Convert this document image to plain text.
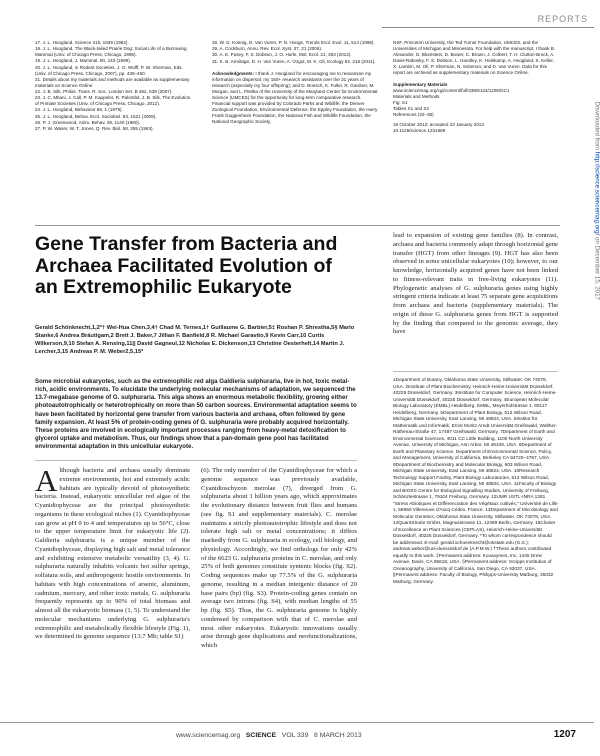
REPORTS
17. J. L. Hoogland, Science 215, 1639 (1982).
18. J. L. Hoogland, The Black-tailed Prairie Dog: Social Life of a Burrowing Mammal (Univ. of Chicago Press, Chicago, 1995).
19. J. L. Hoogland, J. Mammal. 80, 243 (1999).
20. J. L. Hoogland, in Rodent Societies, J. O. Wolff, P. W. Sherman, Eds. (Univ. of Chicago Press, Chicago, 2007), pp. 438–450.
21. Details about my materials and methods are available as supplementary materials on Science Online.
22. J. B. Silk, Philos. Trans. R. Soc. London Ser. B 362, 539 (2007).
23. J. C. Mitani, J. Call, P. M. Kappeler, R. Palombit, J. B. Silk, The Evolution of Primate Societies (Univ. of Chicago Press, Chicago, 2012).
24. J. L. Hoogland, Behaviour 69, 1 (1979).
25. J. L. Hoogland, Behav. Ecol. Sociobiol. 63, 1621 (2009).
26. P. J. Greenwood, Anim. Behav. 28, 1140 (1980).
27. P. W. Waser, W. T. Jones, Q. Rev. Biol. 58, 355 (1983).
28. W. D. Koenig, D. Van Vuren, P. N. Hooge, Trends Ecol. Evol. 11, 514 (1996).
29. A. Cockburn, Annu. Rev. Ecol. Syst. 37, 21 (2006).
30. A. E. Pusey, F. S. Dobson, J. O. Hurle, Mol. Ecol. 21, 493 (2012).
31. K. B. Armitage, D. H. Van Vuren, A. Ozgul, M. K. Oli, Ecology 92, 218 (2011).
Acknowledgments: I thank J. Hoogland for encouraging me to reexamine my information on dispersal; my 150+ research assistants over the 31 years of research (especially my four offspring); and D. Boesch, K. Fuller, R. Gardner, M. Morgan, and L. Pitelka of the University of the Maryland Center for Environmental Science (UMCES) for the opportunity for long-term comparative research. Financial support was provided by Colorado Parks and Wildlife, the Denver Zoological Foundation, Environmental Defense, the Eppley Foundation, the Harry Frank Guggenheim Foundation, the National Fish and Wildlife Foundation, the National Geographic Society,
NSF, Princeton University, the Ted Turner Foundation, UMCES, and the Universities of Michigan and Minnesota. For help with the manuscript, I thank B. Alexander, D. Blumstein, D. Bower, C. Brown, J. Colbert, T. H. Clutton-Brock, A. Davis-Rabosky, F. S. Dobson, L. Handley, K. Holekamp, A. Hoogland, S. Keller, X. Lambin, M. Oli, P. Sherman, N. Solomon, and D. Van Vuren. Data for this report are archived as supplementary materials on Science Online.
Supplementary Materials
www.sciencemag.org/cgi/content/full/339/6124/1205/DC1
Materials and Methods
Fig. S1
Tables S1 and S2
References (32–38)
18 October 2012; accepted 23 January 2013
10.1126/science.1231689
Gene Transfer from Bacteria and Archaea Facilitated Evolution of an Extremophilic Eukaryote
Gerald Schönknecht,1,2*† Wei-Hua Chen,3,4† Chad M. Ternes,1† Guillaume G. Barbier,5‡ Roshan P. Shrestha,5§ Mario Stanke,6 Andrea Bräutigam,2 Brett J. Baker,7 Jillian F. Banfield,8 R. Michael Garavito,9 Kevin Carr,10 Curtis Wilkerson,9,10 Stefan A. Rensing,11|| David Gagneul,12 Nicholas E. Dickenson,13 Christine Oesterhelt,14 Martin J. Lercher,3,15 Andreas P. M. Weber2,5,15*
Some microbial eukaryotes, such as the extremophilic red alga Galdieria sulphuraria, live in hot, toxic metal-rich, acidic environments. To elucidate the underlying molecular mechanisms of adaptation, we sequenced the 13.7-megabase genome of G. sulphuraria. This alga shows an enormous metabolic flexibility, growing either photoautotrophically or heterotrophically on more than 50 carbon sources. Environmental adaptation seems to have been facilitated by horizontal gene transfer from various bacteria and archaea, often followed by gene family expansion. At least 5% of protein-coding genes of G. sulphuraria were probably acquired horizontally. These proteins are involved in ecologically important processes ranging from heavy-metal detoxification to glycerol uptake and metabolism. Thus, our findings show that a pan-domain gene pool has facilitated environmental adaptation in this unicellular eukaryote.
Although bacteria and archaea usually dominate extreme environments, hot and extremely acidic habitats are typically devoid of photosynthetic bacteria. Instead, eukaryotic unicellular red algae of the Cyanidiophyceae are the principal photosynthetic organisms in these ecological niches (1). Cyanidiophyceae can grow at pH 0 to 4 and temperatures up to 56°C, close to the upper temperature limit for eukaryotic life (2). Galdieria sulphuraria is a unique member of the Cyanidiophyceae, displaying high salt and metal tolerance and exhibiting extensive metabolic versatility (3, 4). G. sulphuraria naturally inhabits volcanic hot sulfur springs, solfatara soils, and anthropogenic hostile environments. In habitats with high concentrations of arsenic, aluminum, cadmium, mercury, and other toxic metals, G. sulphuraria frequently represents up to 90% of total biomass and almost all the eukaryotic biomass (1, 5). To understand the molecular mechanisms underlying G. sulphuraria's extremophilic and metabolically flexible lifestyle (Fig. 1), we determined its genome sequence (13.7 Mb; table S1)
(6). The only member of the Cyanidiophyceae for which a genome sequence was previously available, Cyanidioschyzon merolae (7), diverged from G. sulphuraria about 1 billion years ago, which approximates the evolutionary distance between fruit flies and humans (see fig. S1 and supplementary materials). C. merolae maintains a strictly photoautotrophic lifestyle and does not tolerate high salt or metal concentrations; it differs markedly from G. sulphuraria in ecology, cell biology, and physiology. Accordingly, we find orthologs for only 42% of the 6623 G. sulphuraria proteins in C. merolae, and only 25% of both genomes constitute syntenic blocks (fig. S2). Coding sequences make up 77.5% of the G. sulphuraria genome, resulting in a median intergenic distance of 20 base pairs (bp) (fig. S3). Protein-coding genes contain on average two introns (fig. S4), with median lengths of 55 bp (fig. S5). Thus, the G. sulphuraria genome is highly condensed by comparison with that of C. merolae and most other eukaryotes. Eukaryotic innovations usually arise through gene duplications and neofunctionalizations, which
lead to expansion of existing gene families (8). In contrast, archaea and bacteria commonly adapt through horizontal gene transfer (HGT) from other lineages (9). HGT has also been observed in some unicellular eukaryotes (10); however, to our knowledge, horizontally acquired genes have not been linked to fitness-relevant traits in free-living eukaryotes (11). Phylogenetic analyses of G. sulphuraria genes using highly stringent criteria indicate at least 75 separate gene acquisitions from archaea and bacteria (supplementary materials). The origin of these G. sulphuraria genes from HGT is supported by the finding that compared to the genomic average, they have
1Department of Botany, Oklahoma State University, Stillwater, OK 74078, USA. 2Institute of Plant Biochemistry, Heinrich-Heine-Universität Düsseldorf, 40225 Düsseldorf, Germany. 3Institute for Computer Science, Heinrich-Heine-Universität Düsseldorf, 40225 Düsseldorf, Germany. 4European Molecular Biology Laboratory (EMBL) Heidelberg, EMBL, Meyerhofstrasse 1, 69117 Heidelberg, Germany. 5Department of Plant Biology, 612 Wilson Road, Michigan State University, East Lansing, MI 48824, USA. 6Institut für Mathematik und Informatik, Ernst Moritz Arndt Universität Greifswald, Walther-Rathenau-Straße 47, 17487 Greifswald, Germany. 7Department of Earth and Environmental Sciences, 4011 CC Little Building, 1100 North University Avenue, University of Michigan, Ann Arbor, MI 48109, USA. 8Department of Earth and Planetary Science, Department of Environmental Science, Policy, and Management, University of California, Berkeley CA 94720–4767, USA. 9Department of Biochemistry and Molecular Biology, 603 Wilson Road, Michigan State University, East Lansing, MI 48824, USA. 10Research Technology Support Facility, Plant Biology Laboratories, 612 Wilson Road, Michigan State University, East Lansing, MI 48824, USA. 11Faculty of Biology and BIOSS Centre for Biological Signalling Studies, University of Freiburg, Schänzlestrasse 1, 79104 Freiburg, Germany. 12UMR USTL-INRA 1281 "Stress Abiotiques et Différenciation des Végétaux cultivés," Université de Lille 1, 59650 Villeneuve d'Ascq Cédex, France. 13Department of Microbiology and Molecular Genetics, Oklahoma State University, Stillwater, OK 74078, USA. 14QuantSSuite GmbH, Magnusstrasse 11, 12489 Berlin, Germany. 15Cluster of Excellence on Plant Sciences (CEPLAS), Heinrich-Heine-Universität Düsseldorf, 40225 Düsseldorf, Germany. *To whom correspondence should be addressed. E-mail: gerald.schoenknecht@okstate.edu (G.S.); andreas.weber@uni-duesseldorf.de (A.P.M.W.) †These authors contributed equally to this work. ‡Permanent address: Kovaxymes, Inc, 1445 Drew Avenue, Davis, CA 95618, USA. §Permanent address: Scripps Institution of Oceanography, University of California, San Diego, CA 92037, USA. ||Permanent address: Faculty of Biology, Philipps-University Marburg, 35032 Marburg, Germany.
Downloaded from http://science.sciencemag.org/ on December 15, 2017
www.sciencemag.org SCIENCE VOL 339 8 MARCH 2013	1207
